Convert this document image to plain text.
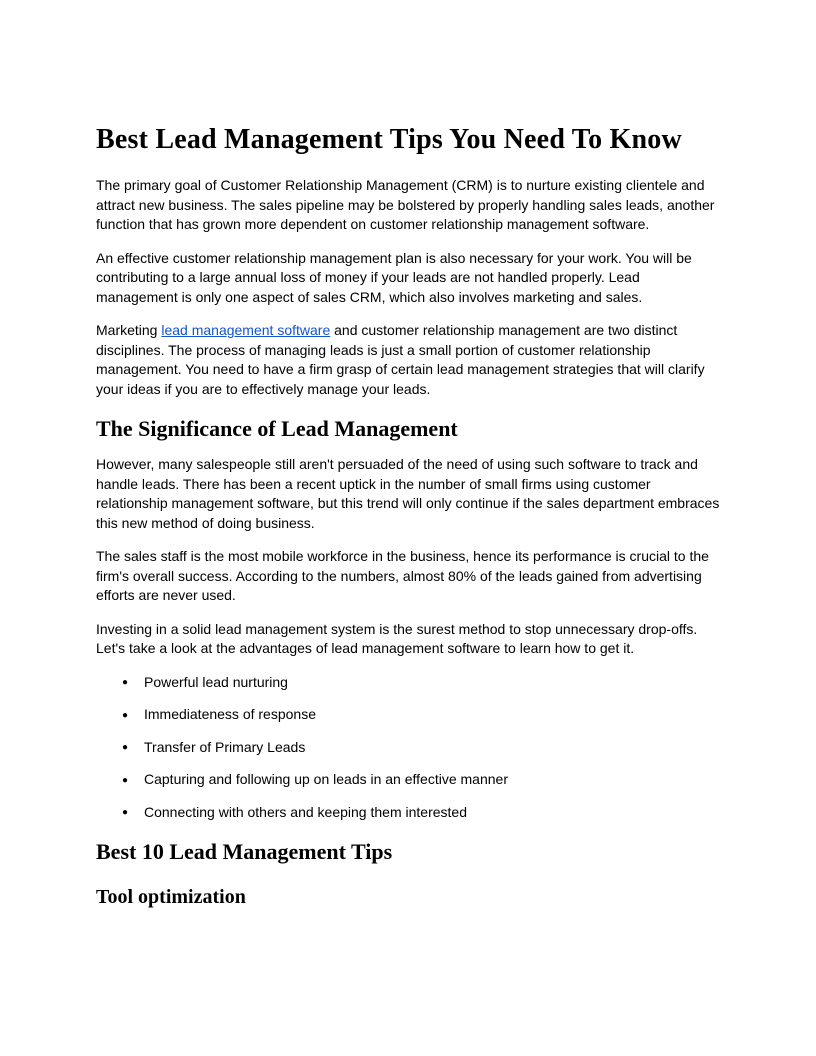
Best Lead Management Tips You Need To Know

The primary goal of Customer Relationship Management (CRM) is to nurture existing clientele and attract new business. The sales pipeline may be bolstered by properly handling sales leads, another function that has grown more dependent on customer relationship management software.

An effective customer relationship management plan is also necessary for your work. You will be contributing to a large annual loss of money if your leads are not handled properly. Lead management is only one aspect of sales CRM, which also involves marketing and sales.

Marketing lead management software and customer relationship management are two distinct disciplines. The process of managing leads is just a small portion of customer relationship management. You need to have a firm grasp of certain lead management strategies that will clarify your ideas if you are to effectively manage your leads.

The Significance of Lead Management

However, many salespeople still aren't persuaded of the need of using such software to track and handle leads. There has been a recent uptick in the number of small firms using customer relationship management software, but this trend will only continue if the sales department embraces this new method of doing business.

The sales staff is the most mobile workforce in the business, hence its performance is crucial to the firm's overall success. According to the numbers, almost 80% of the leads gained from advertising efforts are never used.

Investing in a solid lead management system is the surest method to stop unnecessary drop-offs. Let's take a look at the advantages of lead management software to learn how to get it.

● Powerful lead nurturing
● Immediateness of response
● Transfer of Primary Leads
● Capturing and following up on leads in an effective manner
● Connecting with others and keeping them interested
Best 10 Lead Management Tips
Tool optimization
